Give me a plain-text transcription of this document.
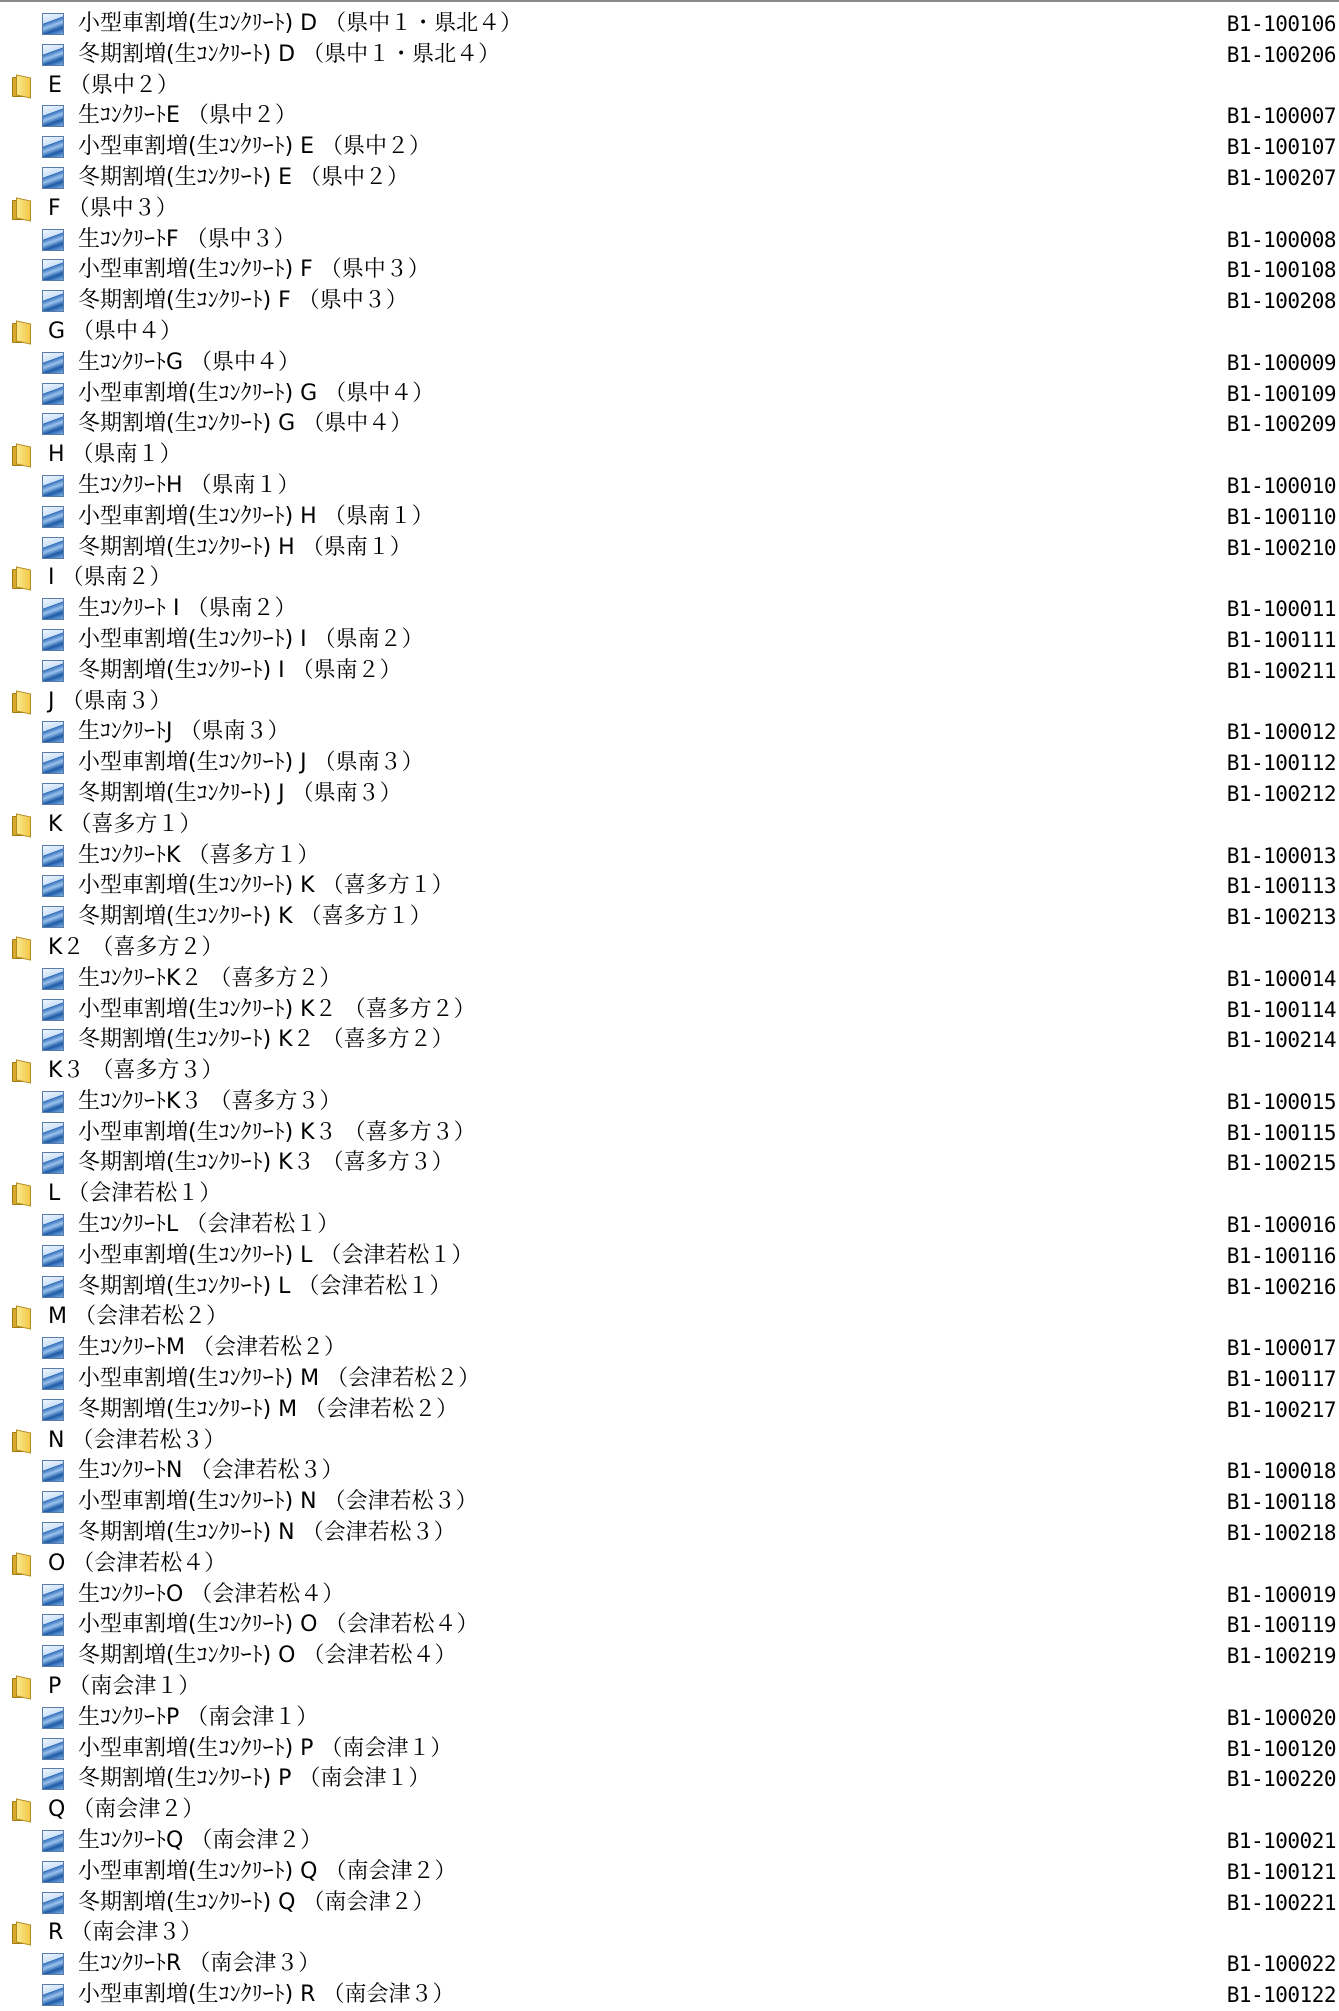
小型車割増(生ｺﾝｸﾘｰﾄ) D （県中１・県北４）	B1-100106
冬期割増(生ｺﾝｸﾘｰﾄ) D （県中１・県北４）	B1-100206
E （県中２）
生ｺﾝｸﾘｰﾄE （県中２）	B1-100007
小型車割増(生ｺﾝｸﾘｰﾄ) E （県中２）	B1-100107
冬期割増(生ｺﾝｸﾘｰﾄ) E （県中２）	B1-100207
F （県中３）
生ｺﾝｸﾘｰﾄF （県中３）	B1-100008
小型車割増(生ｺﾝｸﾘｰﾄ) F （県中３）	B1-100108
冬期割増(生ｺﾝｸﾘｰﾄ) F （県中３）	B1-100208
G （県中４）
生ｺﾝｸﾘｰﾄG （県中４）	B1-100009
小型車割増(生ｺﾝｸﾘｰﾄ) G （県中４）	B1-100109
冬期割増(生ｺﾝｸﾘｰﾄ) G （県中４）	B1-100209
H （県南１）
生ｺﾝｸﾘｰﾄH （県南１）	B1-100010
小型車割増(生ｺﾝｸﾘｰﾄ) H （県南１）	B1-100110
冬期割増(生ｺﾝｸﾘｰﾄ) H （県南１）	B1-100210
I （県南２）
生ｺﾝｸﾘｰﾄ I （県南２）	B1-100011
小型車割増(生ｺﾝｸﾘｰﾄ) I （県南２）	B1-100111
冬期割増(生ｺﾝｸﾘｰﾄ) I （県南２）	B1-100211
J （県南３）
生ｺﾝｸﾘｰﾄJ （県南３）	B1-100012
小型車割増(生ｺﾝｸﾘｰﾄ) J （県南３）	B1-100112
冬期割増(生ｺﾝｸﾘｰﾄ) J （県南３）	B1-100212
K （喜多方１）
生ｺﾝｸﾘｰﾄK （喜多方１）	B1-100013
小型車割増(生ｺﾝｸﾘｰﾄ) K （喜多方１）	B1-100113
冬期割増(生ｺﾝｸﾘｰﾄ) K （喜多方１）	B1-100213
K２ （喜多方２）
生ｺﾝｸﾘｰﾄK２ （喜多方２）	B1-100014
小型車割増(生ｺﾝｸﾘｰﾄ) K２ （喜多方２）	B1-100114
冬期割増(生ｺﾝｸﾘｰﾄ) K２ （喜多方２）	B1-100214
K３ （喜多方３）
生ｺﾝｸﾘｰﾄK３ （喜多方３）	B1-100015
小型車割増(生ｺﾝｸﾘｰﾄ) K３ （喜多方３）	B1-100115
冬期割増(生ｺﾝｸﾘｰﾄ) K３ （喜多方３）	B1-100215
L （会津若松１）
生ｺﾝｸﾘｰﾄL （会津若松１）	B1-100016
小型車割増(生ｺﾝｸﾘｰﾄ) L （会津若松１）	B1-100116
冬期割増(生ｺﾝｸﾘｰﾄ) L （会津若松１）	B1-100216
M （会津若松２）
生ｺﾝｸﾘｰﾄM （会津若松２）	B1-100017
小型車割増(生ｺﾝｸﾘｰﾄ) M （会津若松２）	B1-100117
冬期割増(生ｺﾝｸﾘｰﾄ) M （会津若松２）	B1-100217
N （会津若松３）
生ｺﾝｸﾘｰﾄN （会津若松３）	B1-100018
小型車割増(生ｺﾝｸﾘｰﾄ) N （会津若松３）	B1-100118
冬期割増(生ｺﾝｸﾘｰﾄ) N （会津若松３）	B1-100218
O （会津若松４）
生ｺﾝｸﾘｰﾄO （会津若松４）	B1-100019
小型車割増(生ｺﾝｸﾘｰﾄ) O （会津若松４）	B1-100119
冬期割増(生ｺﾝｸﾘｰﾄ) O （会津若松４）	B1-100219
P （南会津１）
生ｺﾝｸﾘｰﾄP （南会津１）	B1-100020
小型車割増(生ｺﾝｸﾘｰﾄ) P （南会津１）	B1-100120
冬期割増(生ｺﾝｸﾘｰﾄ) P （南会津１）	B1-100220
Q （南会津２）
生ｺﾝｸﾘｰﾄQ （南会津２）	B1-100021
小型車割増(生ｺﾝｸﾘｰﾄ) Q （南会津２）	B1-100121
冬期割増(生ｺﾝｸﾘｰﾄ) Q （南会津２）	B1-100221
R （南会津３）
生ｺﾝｸﾘｰﾄR （南会津３）	B1-100022
小型車割増(生ｺﾝｸﾘｰﾄ) R （南会津３）	B1-100122
